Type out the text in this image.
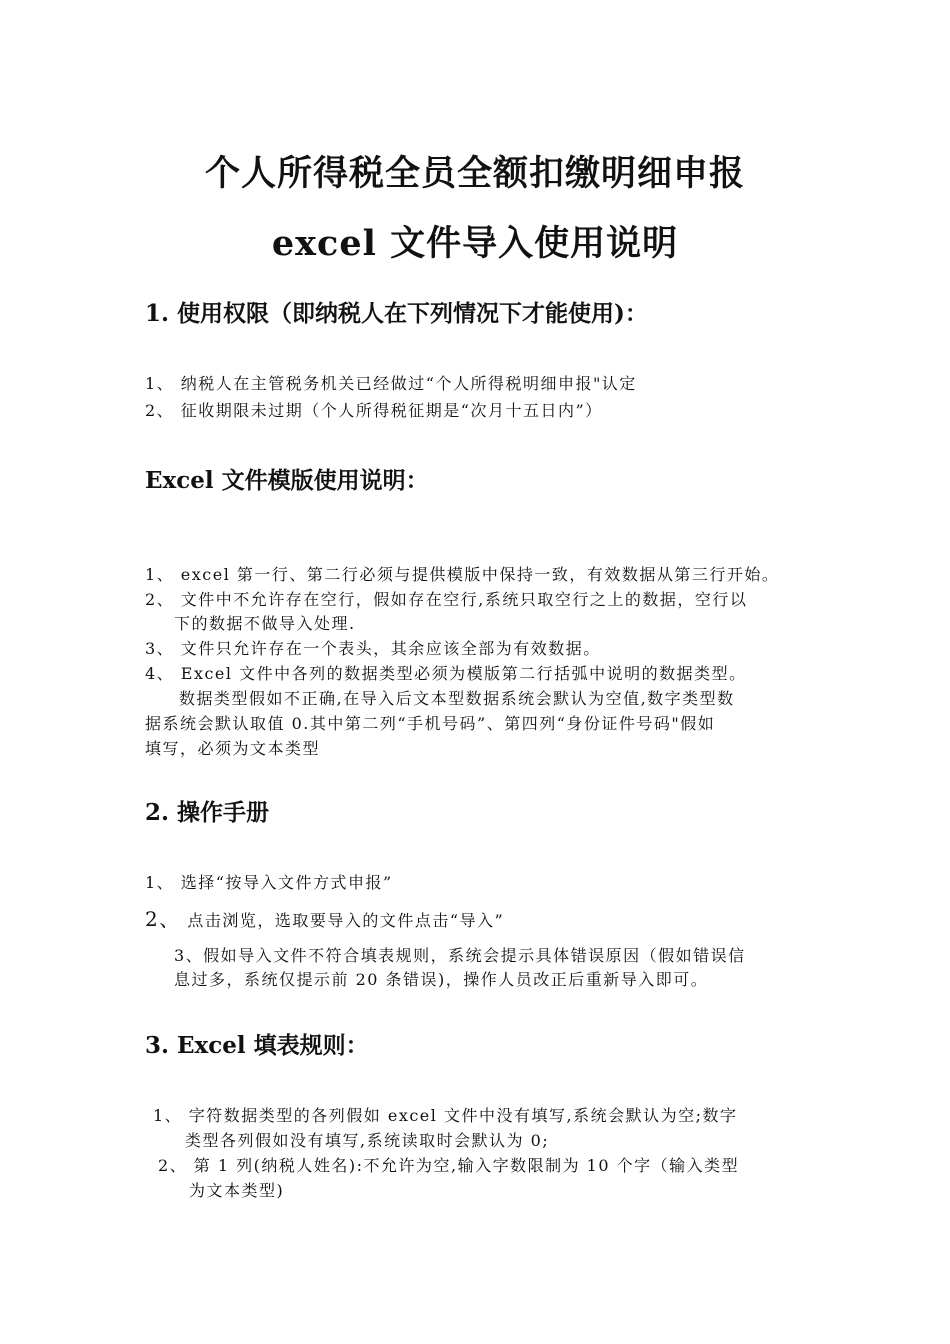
个人所得税全员全额扣缴明细申报
excel 文件导入使用说明
1. 使用权限（即纳税人在下列情况下才能使用)：
1、 纳税人在主管税务机关已经做过“个人所得税明细申报"认定
2、 征收期限未过期（个人所得税征期是“次月十五日内”）
Excel 文件模版使用说明：
1、 excel 第一行、第二行必须与提供模版中保持一致，有效数据从第三行开始。
2、 文件中不允许存在空行，假如存在空行,系统只取空行之上的数据，空行以
下的数据不做导入处理.
3、 文件只允许存在一个表头，其余应该全部为有效数据。
4、 Excel 文件中各列的数据类型必须为模版第二行括弧中说明的数据类型。
数据类型假如不正确,在导入后文本型数据系统会默认为空值,数字类型数
据系统会默认取值 0.其中第二列“手机号码”、第四列“身份证件号码"假如
填写，必须为文本类型
2. 操作手册
1、 选择“按导入文件方式申报”
2、 点击浏览，选取要导入的文件点击“导入”
3、假如导入文件不符合填表规则，系统会提示具体错误原因（假如错误信
息过多，系统仅提示前 20 条错误)，操作人员改正后重新导入即可。
3. Excel 填表规则：
1、 字符数据类型的各列假如 excel 文件中没有填写,系统会默认为空;数字
类型各列假如没有填写,系统读取时会默认为 0;
2、 第 1 列(纳税人姓名):不允许为空,输入字数限制为 10 个字（输入类型
为文本类型)
